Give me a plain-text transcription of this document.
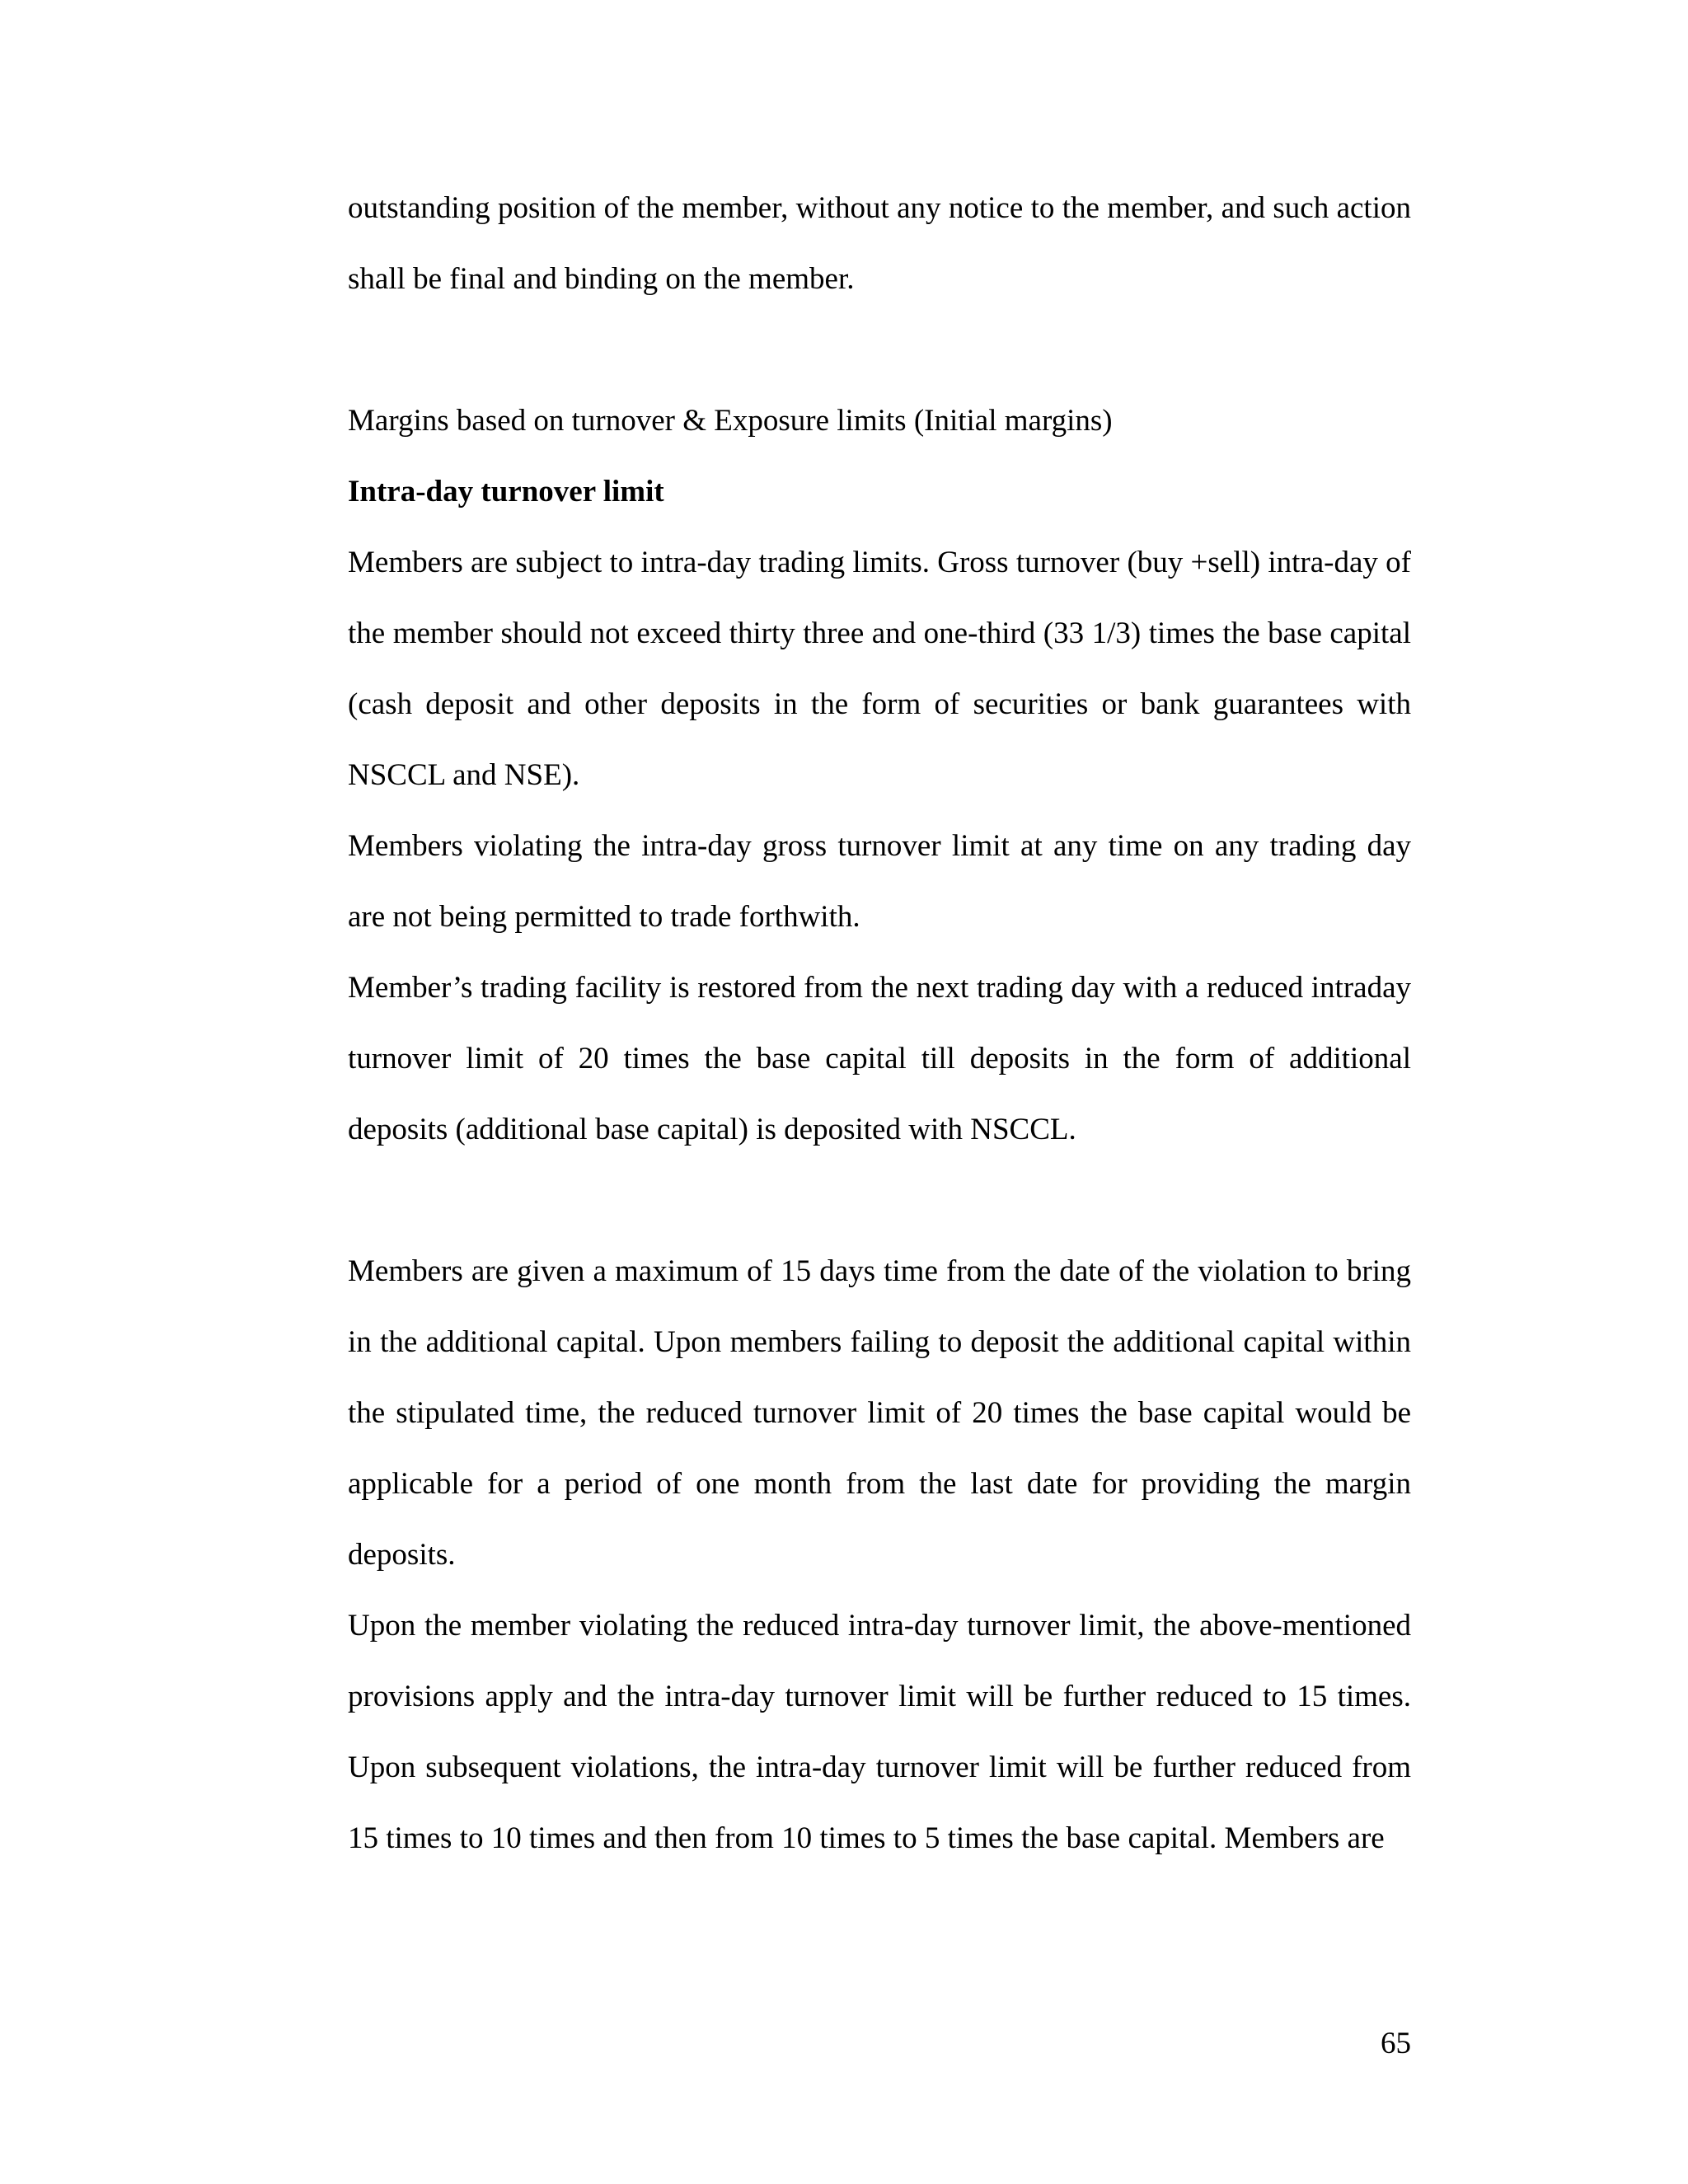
outstanding position of the member, without any notice to the member, and such action shall be final and binding on the member.

Margins based on turnover & Exposure limits (Initial margins)

Intra-day turnover limit

Members are subject to intra-day trading limits. Gross turnover (buy +sell) intra-day of the member should not exceed thirty three and one-third (33 1/3) times the base capital (cash deposit and other deposits in the form of securities or bank guarantees with NSCCL and NSE).

Members violating the intra-day gross turnover limit at any time on any trading day are not being permitted to trade forthwith.

Member’s trading facility is restored from the next trading day with a reduced intraday turnover limit of 20 times the base capital till deposits in the form of additional deposits (additional base capital) is deposited with NSCCL.

Members are given a maximum of 15 days time from the date of the violation to bring in the additional capital. Upon members failing to deposit the additional capital within the stipulated time, the reduced turnover limit of 20 times the base capital would be applicable for a period of one month from the last date for providing the margin deposits.

Upon the member violating the reduced intra-day turnover limit, the above-mentioned provisions apply and the intra-day turnover limit will be further reduced to 15 times. Upon subsequent violations, the intra-day turnover limit will be further reduced from 15 times to 10 times and then from 10 times to 5 times the base capital. Members are

65
